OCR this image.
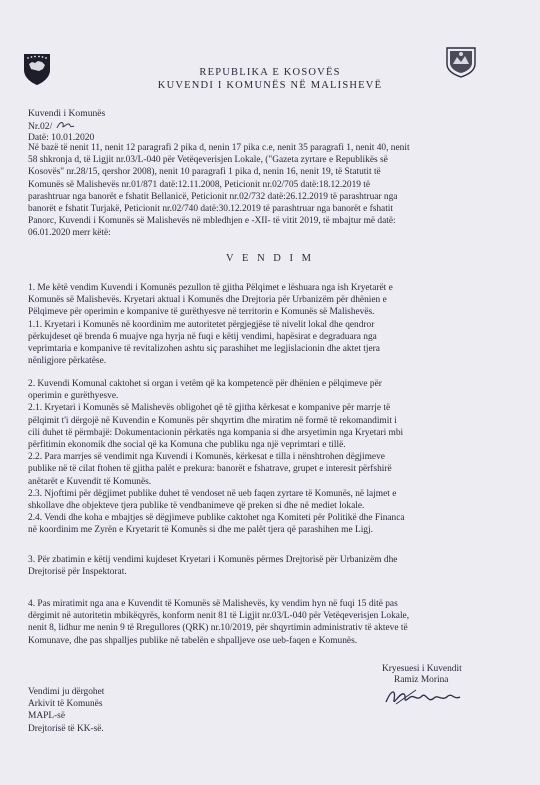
REPUBLIKA E KOSOVËS
KUVENDI I KOMUNËS NË MALISHEVË
Kuvendi i Komunës
Nr.02/
Datë: 10.01.2020
Në bazë të nenit 11, nenit 12 paragrafi 2 pika d, nenin 17 pika c.e, nenit 35 paragrafi 1, nenit 40, nenit
58 shkronja d, të Ligjit nr.03/L-040 për Vetëqeverisjen Lokale, ("Gazeta zyrtare e Republikës së
Kosovës" nr.28/15, qershor 2008), nenit 10 paragrafi 1 pika d, nenin 16, nenit 19, të Statutit të
Komunës së Malishevës nr.01/871 datë:12.11.2008, Peticionit nr.02/705 datë:18.12.2019 të
parashtruar nga banorët e fshatit Bellanicë, Peticionit nr.02/732 datë:26.12.2019 të parashtruar nga
banorët e fshatit Turjakë, Peticionit nr.02/740 datë:30.12.2019 të parashtruar nga banorët e fshatit
Panorc, Kuvendi i Komunës së Malishevës në mbledhjen e -XII- të vitit 2019, të mbajtur më datë:
06.01.2020 merr këtë:
V E N D I M
1. Me këtë vendim Kuvendi i Komunës pezullon të gjitha Pëlqimet e lëshuara nga ish Kryetarët e
Komunës së Malishevës. Kryetari aktual i Komunës dhe Drejtoria për Urbanizëm për dhënien e
Pëlqimeve për operimin e kompanive të gurëthyesve në territorin e Komunës së Malishevës.
1.1. Kryetari i Komunës në koordinim me autoritetet përgjegjëse të nivelit lokal dhe qendror
përkujdeset që brenda 6 muajve nga hyrja në fuqi e këtij vendimi, hapësirat e degraduara nga
veprimtaria e kompanive të revitalizohen ashtu siç parashihet me legjislacionin dhe aktet tjera
nënligjore përkatëse.
2. Kuvendi Komunal caktohet si organ i vetëm që ka kompetencë për dhënien e pëlqimeve për
operimin e gurëthyesve.
2.1. Kryetari i Komunës së Malishevës obligohet që të gjitha kërkesat e kompanive për marrje të
pëlqimit t'i dërgojë në Kuvendin e Komunës për shqyrtim dhe miratim në formë të rekomandimit i
cili duhet të përmbajë: Dokumentacionin përkatës nga kompania si dhe arsyetimin nga Kryetari mbi
përfitimin ekonomik dhe social që ka Komuna che publiku nga një veprimtari e tillë.
2.2. Para marrjes së vendimit nga Kuvendi i Komunës, kërkesat e tilla i nënshtrohen dëgjimeve
publike në të cilat ftohen të gjitha palët e prekura: banorët e fshatrave, grupet e interesit përfshirë
anëtarët e Kuvendit të Komunës.
2.3. Njoftimi për dëgjimet publike duhet të vendoset në ueb faqen zyrtare të Komunës, në lajmet e
shkollave dhe objekteve tjera publike të vendbanimeve që preken si dhe në mediet lokale.
2.4. Vendi dhe koha e mbajtjes së dëgjimeve publike caktohet nga Komiteti për Politikë dhe Financa
në koordinim me Zyrën e Kryetarit të Komunës si dhe me palët tjera që parashihen me Ligj.
3. Për zbatimin e këtij vendimi kujdeset Kryetari i Komunës përmes Drejtorisë për Urbanizëm dhe
Drejtorisë për Inspektorat.
4. Pas miratimit nga ana e Kuvendit të Komunës së Malishevës, ky vendim hyn në fuqi 15 ditë pas
dërgimit në autoritetin mbikëqyrës, konform nenit 81 të Ligjit nr.03/L-040 për Vetëqeverisjen Lokale,
nenit 8, lidhur me nenin 9 të Rregullores (QRK) nr.10/2019, për shqyrtimin administrativ të akteve të
Komunave, dhe pas shpalljes publike në tabelën e shpalljeve ose ueb-faqen e Komunës.
Vendimi ju dërgohet
Arkivit të Komunës
MAPL-së
Drejtorisë të KK-së.
Kryesuesi i Kuvendit
Ramiz Morina
